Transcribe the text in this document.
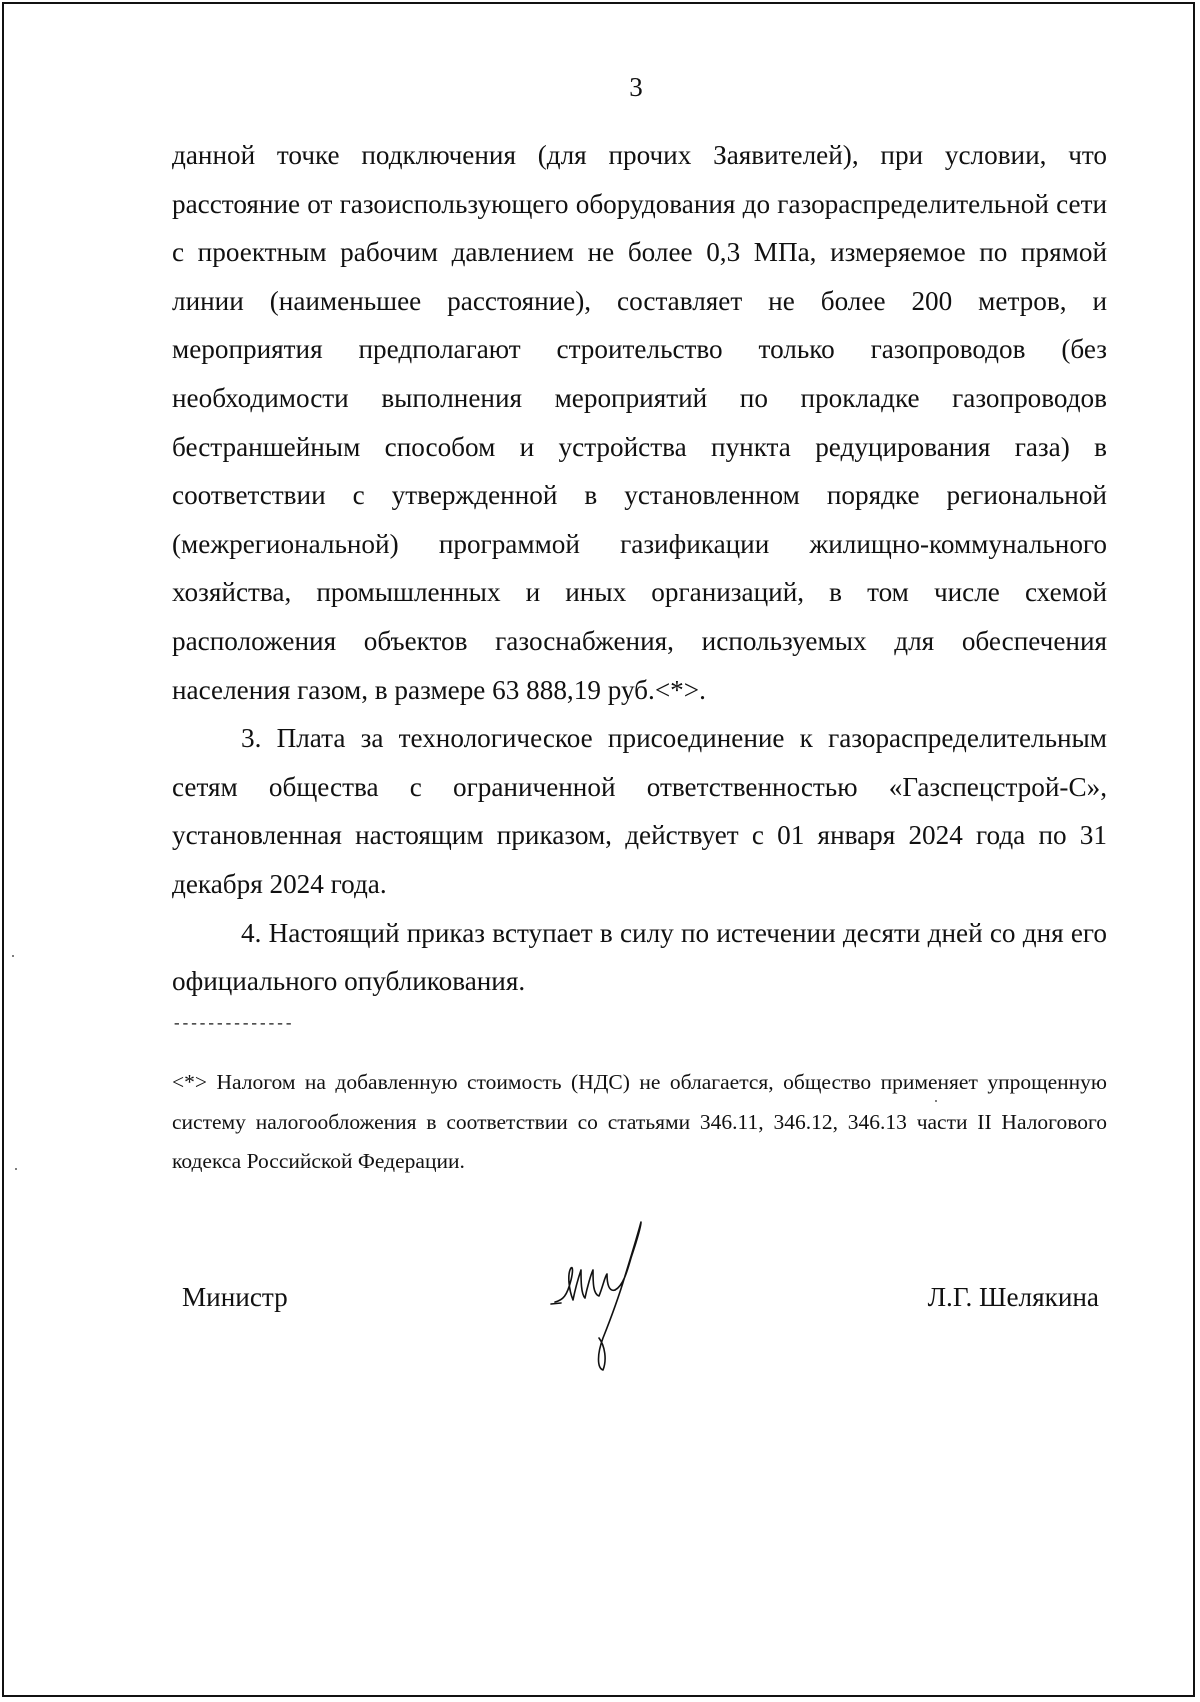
3

данной точке подключения (для прочих Заявителей), при условии, что расстояние от газоиспользующего оборудования до газораспределительной сети с проектным рабочим давлением не более 0,3 МПа, измеряемое по прямой линии (наименьшее расстояние), составляет не более 200 метров, и мероприятия предполагают строительство только газопроводов (без необходимости выполнения мероприятий по прокладке газопроводов бестраншейным способом и устройства пункта редуцирования газа) в соответствии с утвержденной в установленном порядке региональной (межрегиональной) программой газификации жилищно-коммунального хозяйства, промышленных и иных организаций, в том числе схемой расположения объектов газоснабжения, используемых для обеспечения населения газом, в размере 63 888,19 руб.<*>.

3. Плата за технологическое присоединение к газораспределительным сетям общества с ограниченной ответственностью «Газспецстрой-С», установленная настоящим приказом, действует с 01 января 2024 года по 31 декабря 2024 года.

4. Настоящий приказ вступает в силу по истечении десяти дней со дня его официального опубликования.

--------------
<*> Налогом на добавленную стоимость (НДС) не облагается, общество применяет упрощенную систему налогообложения в соответствии со статьями 346.11, 346.12, 346.13 части II Налогового кодекса Российской Федерации.
Министр	Л.Г. Шелякина
